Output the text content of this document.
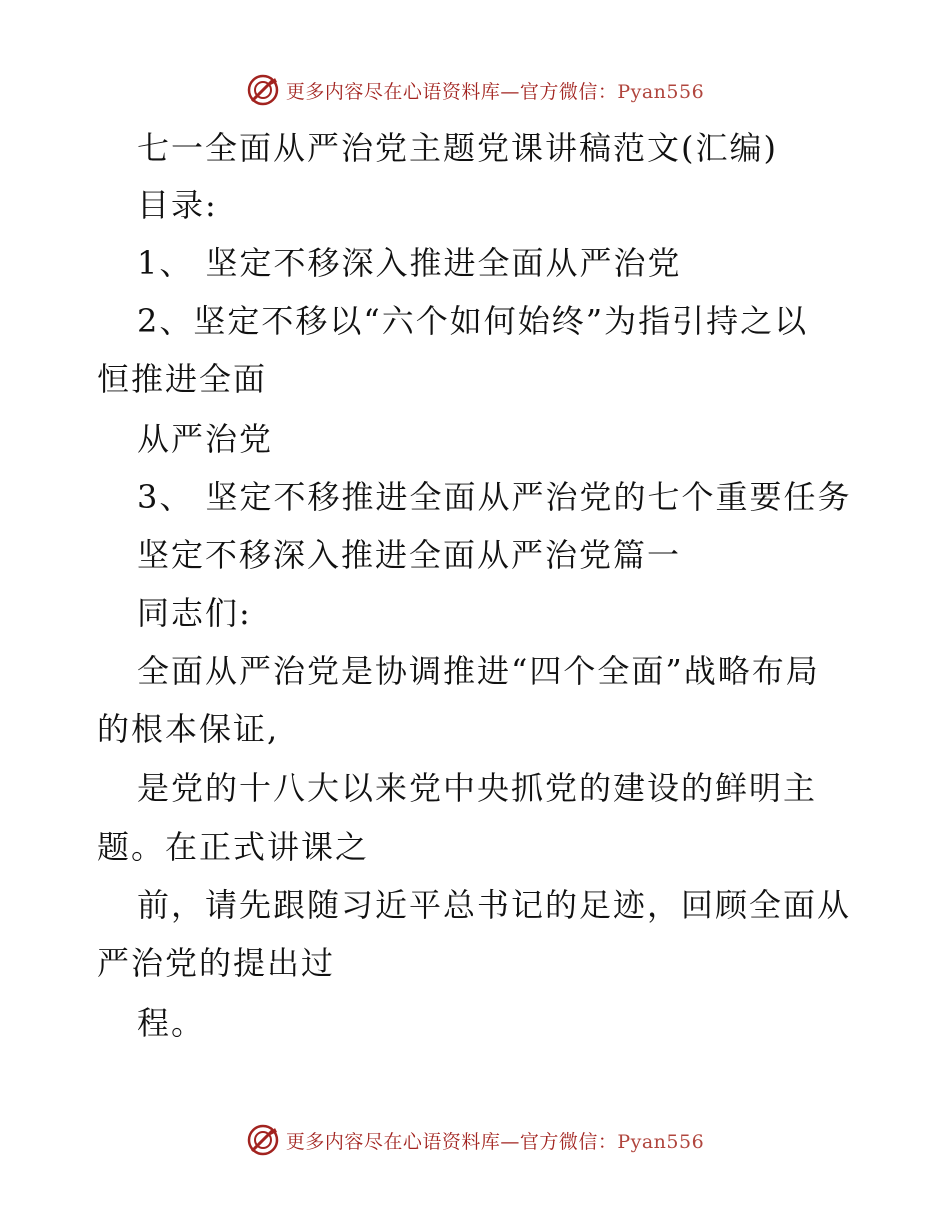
更多内容尽在心语资料库—官方微信：Pyan556
七一全面从严治党主题党课讲稿范文(汇编)
目录:
1、 坚定不移深入推进全面从严治党
2、坚定不移以“六个如何始终”为指引持之以
恒推进全面
从严治党
3、 坚定不移推进全面从严治党的七个重要任务
坚定不移深入推进全面从严治党篇一
同志们:
全面从严治党是协调推进“四个全面”战略布局
的根本保证,
是党的十八大以来党中央抓党的建设的鲜明主
题。在正式讲课之
前，请先跟随习近平总书记的足迹，回顾全面从
严治党的提出过
程。
更多内容尽在心语资料库—官方微信：Pyan556
